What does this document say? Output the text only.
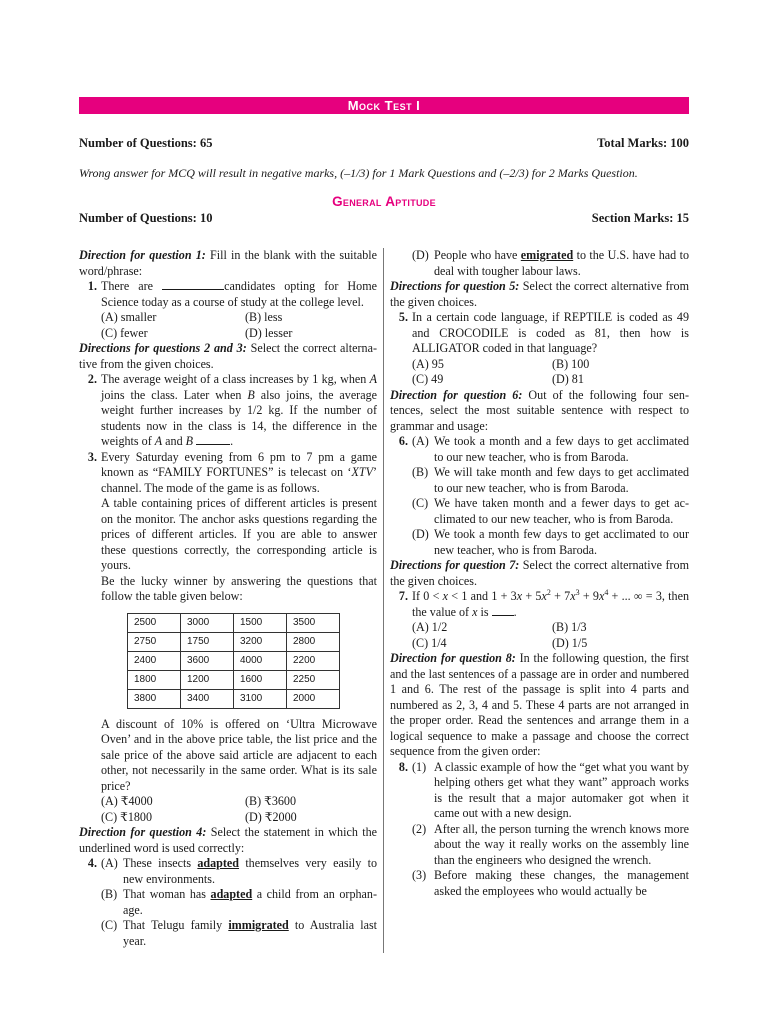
Mock Test I
Number of Questions: 65	Total Marks: 100
Wrong answer for MCQ will result in negative marks, (–1/3) for 1 Mark Questions and (–2/3) for 2 Marks Question.
General Aptitude
Number of Questions: 10	Section Marks: 15

Direction for question 1: Fill in the blank with the suitable word/phrase:

1. There are	candidates opting for Home Science today as a course of study at the college level.
(A) smaller	(B) less
(C) fewer	(D) lesser

Directions for questions 2 and 3: Select the correct alternative from the given choices.

2. The average weight of a class increases by 1 kg, when A joins the class. Later when B also joins, the average weight further increases by 1/2 kg. If the number of students now in the class is 14, the difference in the weights of A and B	.
3. Every Saturday evening from 6 pm to 7 pm a game known as “FAMILY FORTUNES” is telecast on ‘XTV’ channel. The mode of the game is as follows.
A table containing prices of different articles is present on the monitor. The anchor asks questions regarding the prices of different articles. If you are able to answer these questions correctly, the corresponding article is yours.
Be the lucky winner by answering the questions that follow the table given below:
2500	3000	1500	3500
2750	1750	3200	2800
2400	3600	4000	2200
1800	1200	1600	2250
3800	3400	3100	2000
A discount of 10% is offered on ‘Ultra Microwave Oven’ and in the above price table, the list price and the sale price of the above said article are adjacent to each other, not necessarily in the same order. What is its sale price?
(A) ₹4000	(B) ₹3600
(C) ₹1800	(D) ₹2000

Direction for question 4: Select the statement in which the underlined word is used correctly:

4. (A) These insects adapted themselves very easily to new environments.
(B) That woman has adapted a child from an orphanage.
(C) That Telugu family immigrated to Australia last year.
(D) People who have emigrated to the U.S. have had to deal with tougher labour laws.

Directions for question 5: Select the correct alternative from the given choices.

5. In a certain code language, if REPTILE is coded as 49 and CROCODILE is coded as 81, then how is ALLIGATOR coded in that language?
(A) 95	(B) 100
(C) 49	(D) 81

Direction for question 6: Out of the following four sentences, select the most suitable sentence with respect to grammar and usage:

6. (A) We took a month and a few days to get acclimated to our new teacher, who is from Baroda.
(B) We will take month and few days to get acclimated to our new teacher, who is from Baroda.
(C) We have taken month and a fewer days to get acclimated to our new teacher, who is from Baroda.
(D) We took a month few days to get acclimated to our new teacher, who is from Baroda.

Directions for question 7: Select the correct alternative from the given choices.

7. If 0 < x < 1 and $1 + 3x + 5x^2 + 7x^3 + 9x^4$ + ... ∞ = 3, then the value of x is .
(A) 1/2	(B) 1/3
(C) 1/4	(D) 1/5

Direction for question 8: In the following question, the first and the last sentences of a passage are in order and numbered 1 and 6. The rest of the passage is split into 4 parts and numbered as 2, 3, 4 and 5. These 4 parts are not arranged in the proper order. Read the sentences and arrange them in a logical sequence to make a passage and choose the correct sequence from the given order:

8. (1) A classic example of how the “get what you want by helping others get what they want” approach works is the result that a major automaker got when it came out with a new design.
(2) After all, the person turning the wrench knows more about the way it really works on the assembly line than the engineers who designed the wrench.
(3) Before making these changes, the management asked the employees who would actually be
